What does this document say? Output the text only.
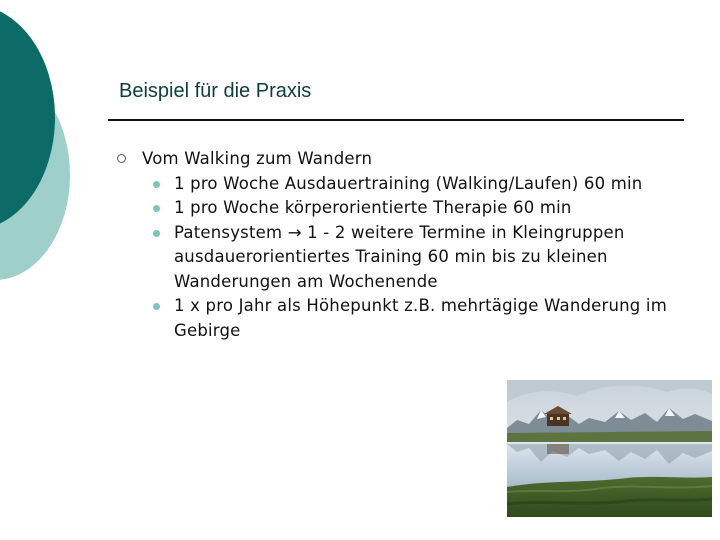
Beispiel für die Praxis
Vom Walking zum Wandern
1 pro Woche Ausdauertraining (Walking/Laufen) 60 min
1 pro Woche körperorientierte Therapie 60 min
Patensystem → 1 - 2 weitere Termine in Kleingruppen ausdauerorientiertes Training 60 min bis zu kleinen Wanderungen am Wochenende
1 x pro Jahr als Höhepunkt z.B. mehrtägige Wanderung im Gebirge
